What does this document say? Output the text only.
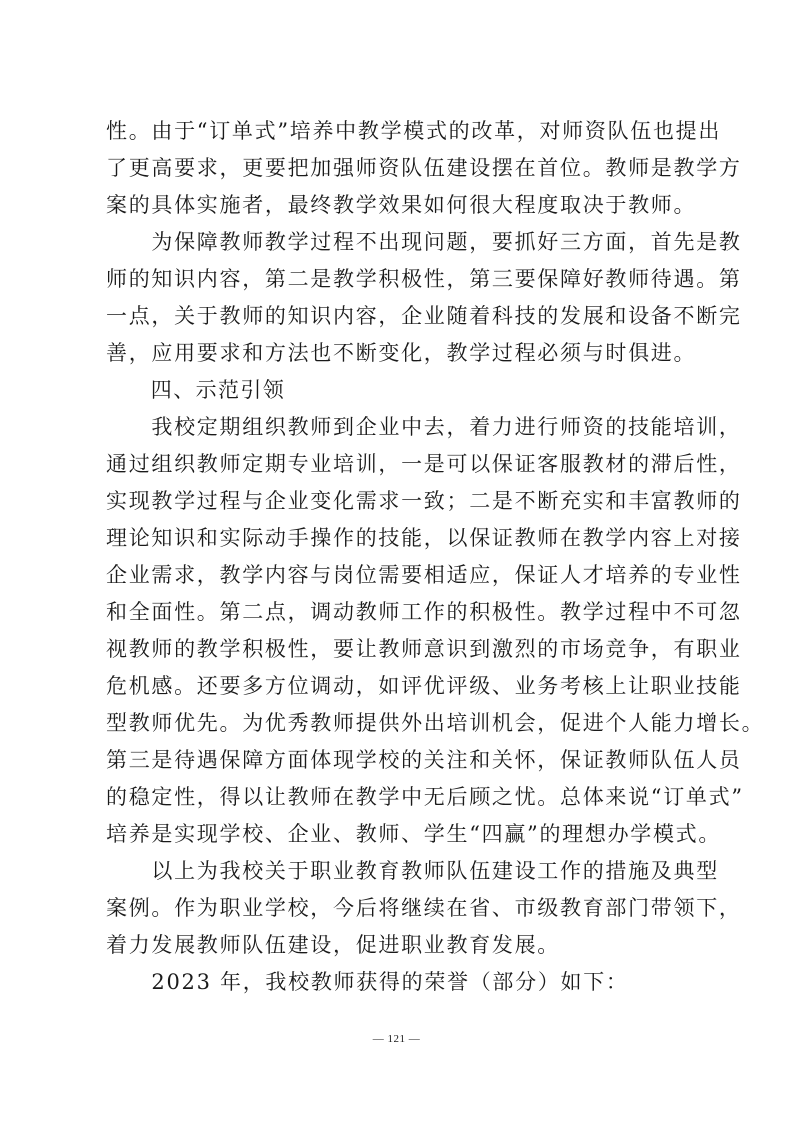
性。由于“订单式”培养中教学模式的改革，对师资队伍也提出
了更高要求，更要把加强师资队伍建设摆在首位。教师是教学方
案的具体实施者，最终教学效果如何很大程度取决于教师。
　　为保障教师教学过程不出现问题，要抓好三方面，首先是教
师的知识内容，第二是教学积极性，第三要保障好教师待遇。第
一点，关于教师的知识内容，企业随着科技的发展和设备不断完
善，应用要求和方法也不断变化，教学过程必须与时俱进。
　　四、示范引领
　　我校定期组织教师到企业中去，着力进行师资的技能培训，
通过组织教师定期专业培训，一是可以保证客服教材的滞后性，
实现教学过程与企业变化需求一致；二是不断充实和丰富教师的
理论知识和实际动手操作的技能，以保证教师在教学内容上对接
企业需求，教学内容与岗位需要相适应，保证人才培养的专业性
和全面性。第二点，调动教师工作的积极性。教学过程中不可忽
视教师的教学积极性，要让教师意识到激烈的市场竞争，有职业
危机感。还要多方位调动，如评优评级、业务考核上让职业技能
型教师优先。为优秀教师提供外出培训机会，促进个人能力增长。
第三是待遇保障方面体现学校的关注和关怀，保证教师队伍人员
的稳定性，得以让教师在教学中无后顾之忧。总体来说“订单式”
培养是实现学校、企业、教师、学生“四赢”的理想办学模式。
　　以上为我校关于职业教育教师队伍建设工作的措施及典型
案例。作为职业学校，今后将继续在省、市级教育部门带领下，
着力发展教师队伍建设，促进职业教育发展。
　　2023 年，我校教师获得的荣誉（部分）如下：
— 121 —
